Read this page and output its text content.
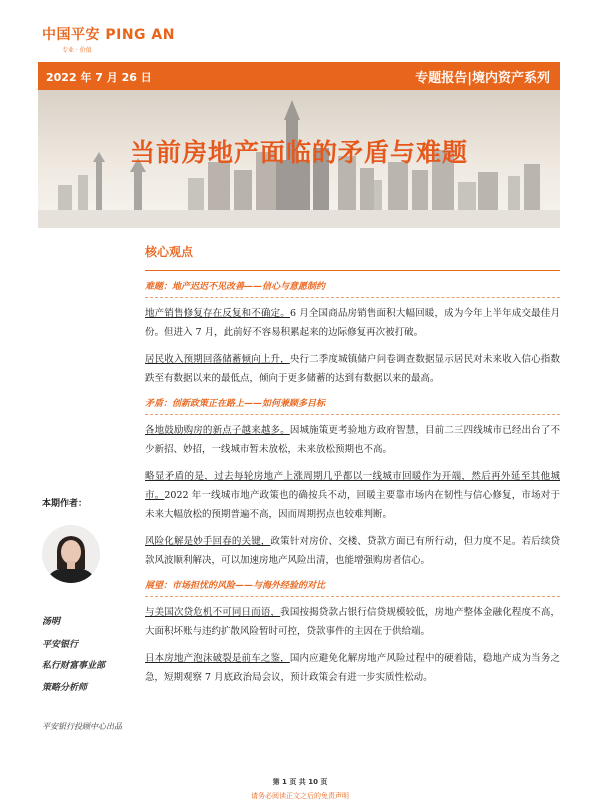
中国平安 PING AN
专业 · 价值
2022 年 7 月 26 日	专题报告|境内资产系列
当前房地产面临的矛盾与难题
本期作者：
汤明
平安银行
私行财富事业部
策略分析师
平安银行投顾中心出品
核心观点
难题：地产迟迟不见改善——信心与意愿制约

地产销售修复存在反复和不确定。6 月全国商品房销售面积大幅回暖，成为今年上半年成交最佳月份。但进入 7 月，此前好不容易积累起来的边际修复再次被打破。

居民收入预期回落储蓄倾向上升，央行二季度城镇储户问卷调查数据显示居民对未来收入信心指数跌至有数据以来的最低点，倾向于更多储蓄的达到有数据以来的最高。

矛盾：创新政策正在路上——如何兼顾多目标

各地鼓励购房的新点子越来越多。因城施策更考验地方政府智慧，目前二三四线城市已经出台了不少新招、妙招，一线城市暂未放松，未来放松预期也不高。

略显矛盾的是，过去每轮房地产上涨周期几乎都以一线城市回暖作为开端，然后再外延至其他城市。2022 年一线城市地产政策也的确按兵不动，回暖主要靠市场内在韧性与信心修复，市场对于未来大幅放松的预期普遍不高，因而周期拐点也较难判断。

风险化解是妙手回春的关键，政策针对房价、交楼、贷款方面已有所行动，但力度不足。若后续贷款风波顺利解决，可以加速房地产风险出清，也能增强购房者信心。

展望：市场担忧的风险——与海外经验的对比

与美国次贷危机不可同日而语，我国按揭贷款占银行信贷规模较低，房地产整体金融化程度不高，大面积坏账与违约扩散风险暂时可控，贷款事件的主因在于供给端。

日本房地产泡沫破裂是前车之鉴，国内应避免化解房地产风险过程中的硬着陆，稳地产成为当务之急，短期观察 7 月底政治局会议，预计政策会有进一步实质性松动。

第 1 页 共 10 页
请务必阅读正文之后的免责声明
